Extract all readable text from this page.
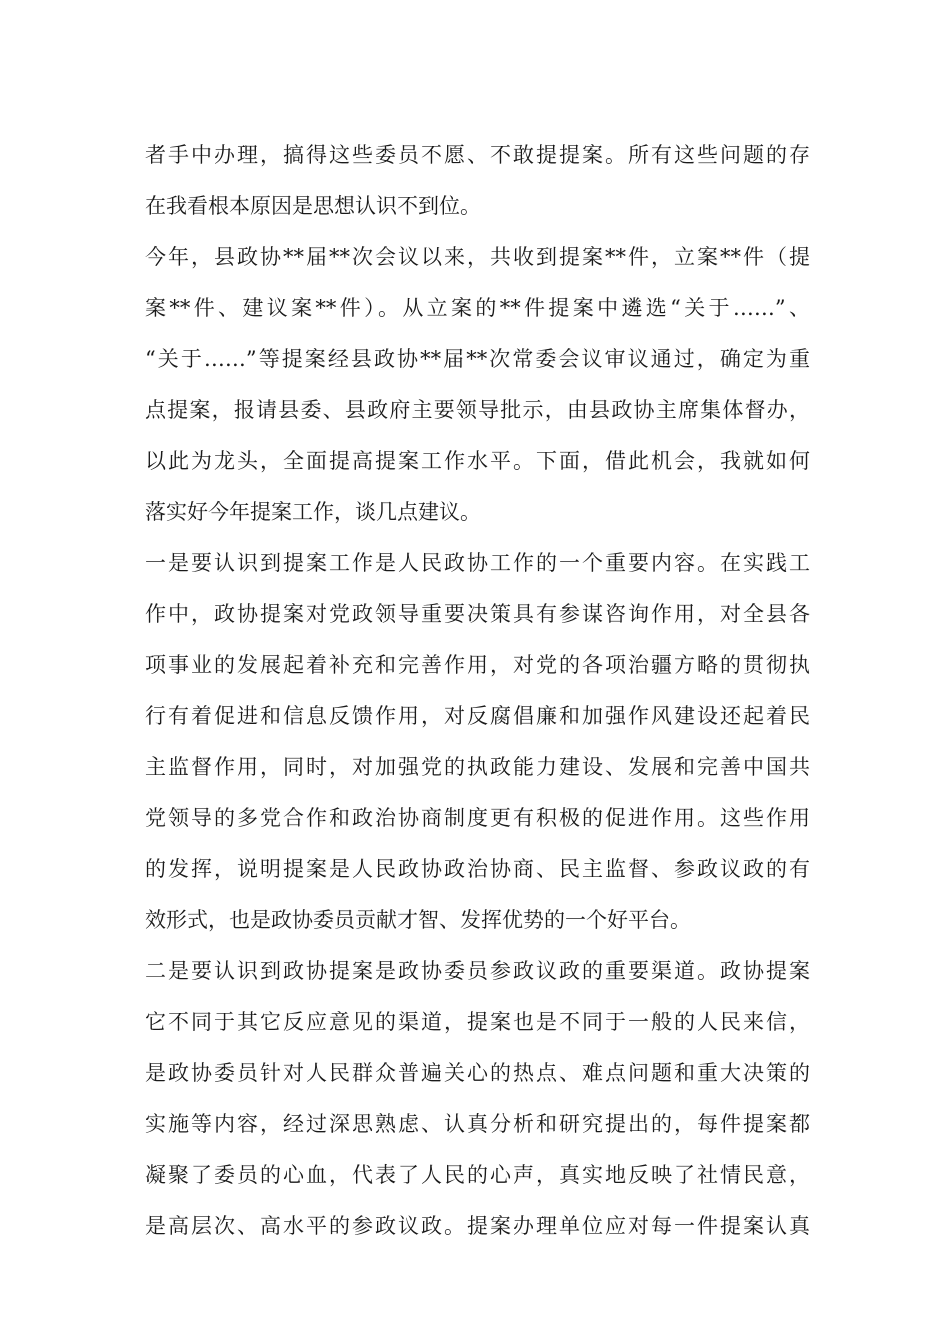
者手中办理，搞得这些委员不愿、不敢提提案。所有这些问题的存
在我看根本原因是思想认识不到位。
今年，县政协**届**次会议以来，共收到提案**件，立案**件（提
案**件、建议案**件）。从立案的**件提案中遴选“关于……”、
“关于……”等提案经县政协**届**次常委会议审议通过，确定为重
点提案，报请县委、县政府主要领导批示，由县政协主席集体督办，
以此为龙头，全面提高提案工作水平。下面，借此机会，我就如何
落实好今年提案工作，谈几点建议。
一是要认识到提案工作是人民政协工作的一个重要内容。在实践工
作中，政协提案对党政领导重要决策具有参谋咨询作用，对全县各
项事业的发展起着补充和完善作用，对党的各项治疆方略的贯彻执
行有着促进和信息反馈作用，对反腐倡廉和加强作风建设还起着民
主监督作用，同时，对加强党的执政能力建设、发展和完善中国共
党领导的多党合作和政治协商制度更有积极的促进作用。这些作用
的发挥，说明提案是人民政协政治协商、民主监督、参政议政的有
效形式，也是政协委员贡献才智、发挥优势的一个好平台。
二是要认识到政协提案是政协委员参政议政的重要渠道。政协提案
它不同于其它反应意见的渠道，提案也是不同于一般的人民来信，
是政协委员针对人民群众普遍关心的热点、难点问题和重大决策的
实施等内容，经过深思熟虑、认真分析和研究提出的，每件提案都
凝聚了委员的心血，代表了人民的心声，真实地反映了社情民意，
是高层次、高水平的参政议政。提案办理单位应对每一件提案认真
